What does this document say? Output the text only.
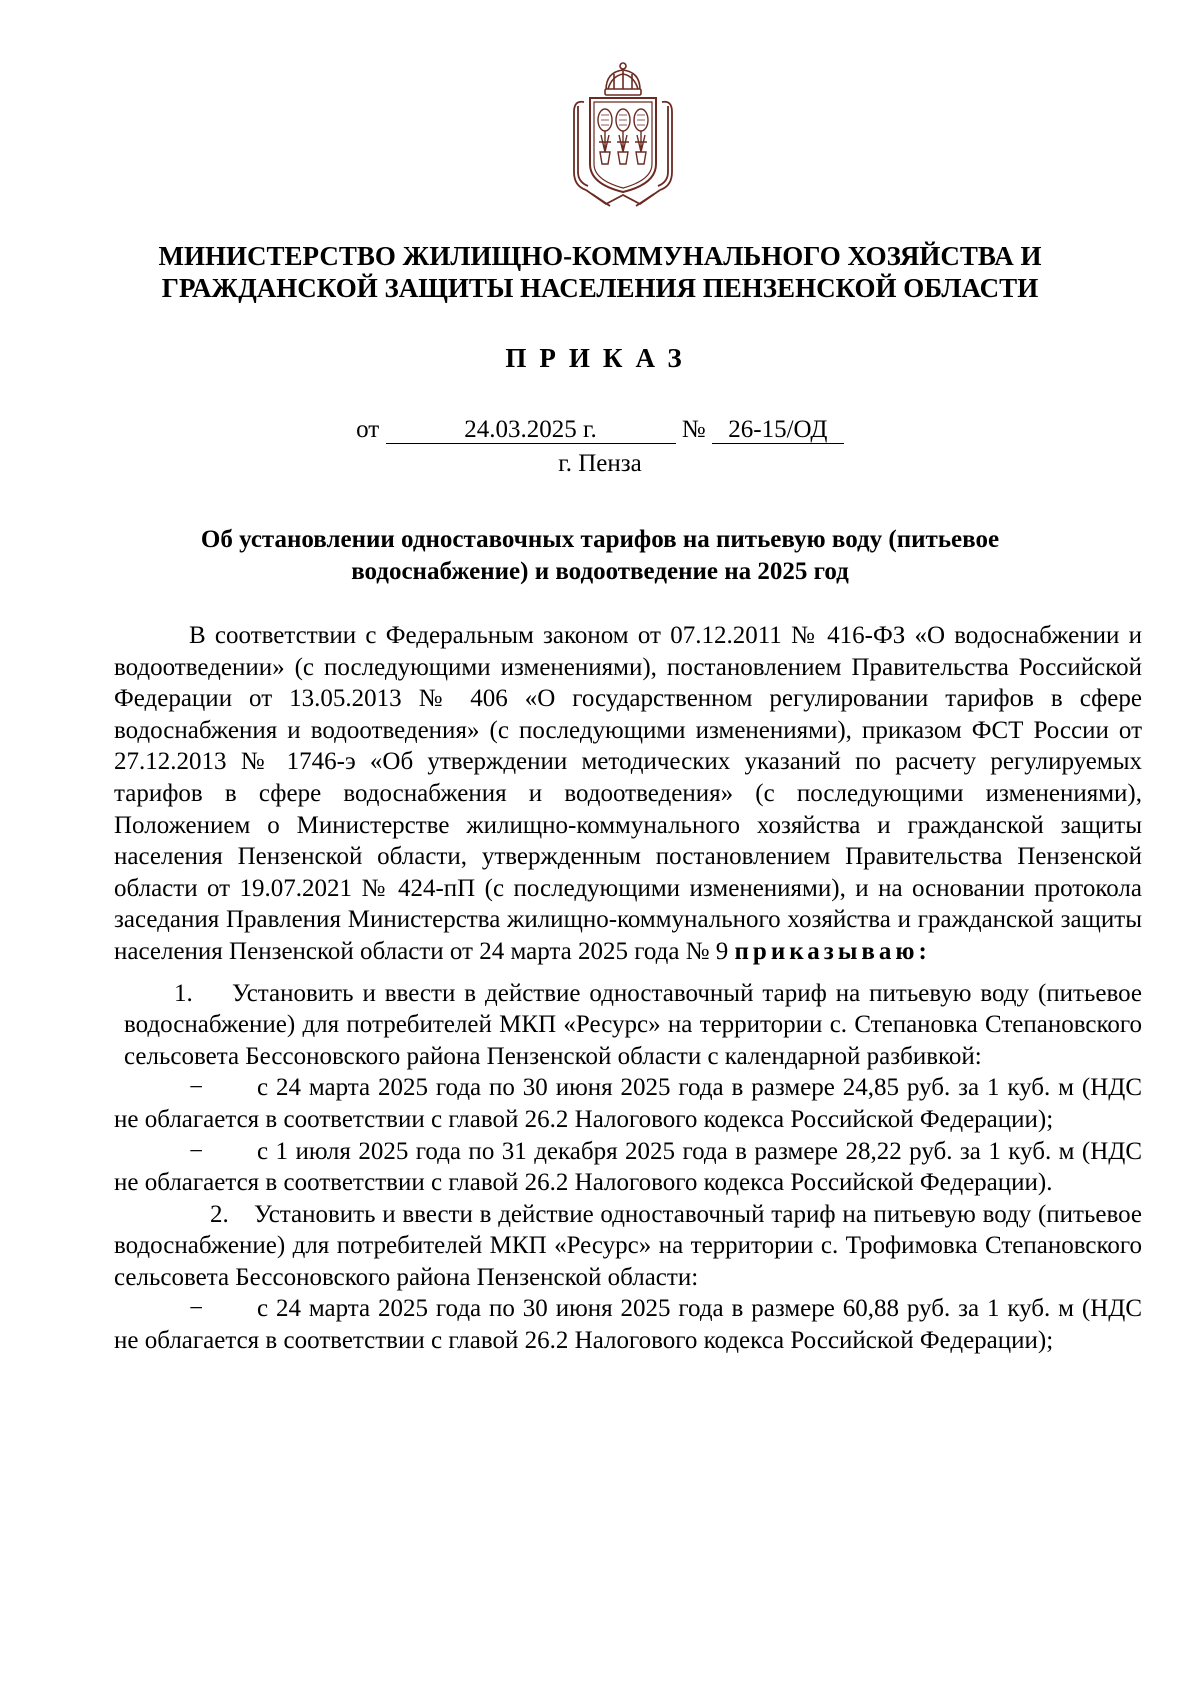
МИНИСТЕРСТВО ЖИЛИЩНО-КОММУНАЛЬНОГО ХОЗЯЙСТВА И
ГРАЖДАНСКОЙ ЗАЩИТЫ НАСЕЛЕНИЯ ПЕНЗЕНСКОЙ ОБЛАСТИ
ПРИКАЗ
от	24.03.2025 г.	№ 26-15/ОД
г. Пенза
Об установлении одноставочных тарифов на питьевую воду (питьевое
водоснабжение) и водоотведение на 2025 год

В соответствии с Федеральным законом от 07.12.2011 № 416-ФЗ «О водоснабжении и водоотведении» (с последующими изменениями), постановлением Правительства Российской Федерации от 13.05.2013 № 406 «О государственном регулировании тарифов в сфере водоснабжения и водоотведения» (с последующими изменениями), приказом ФСТ России от 27.12.2013 № 1746-э «Об утверждении методических указаний по расчету регулируемых тарифов в сфере водоснабжения и водоотведения» (с последующими изменениями), Положением о Министерстве жилищно-коммунального хозяйства и гражданской защиты населения Пензенской области, утвержденным постановлением Правительства Пензенской области от 19.07.2021 № 424-пП (с последующими изменениями), и на основании протокола заседания Правления Министерства жилищно-коммунального хозяйства и гражданской защиты населения Пензенской области от 24 марта 2025 года № 9 приказываю:

1. Установить и ввести в действие одноставочный тариф на питьевую воду (питьевое водоснабжение) для потребителей МКП «Ресурс» на территории с. Степановка Степановского сельсовета Бессоновского района Пензенской области с календарной разбивкой:

− с 24 марта 2025 года по 30 июня 2025 года в размере 24,85 руб. за 1 куб. м (НДС не облагается в соответствии с главой 26.2 Налогового кодекса Российской Федерации);

− с 1 июля 2025 года по 31 декабря 2025 года в размере 28,22 руб. за 1 куб. м (НДС не облагается в соответствии с главой 26.2 Налогового кодекса Российской Федерации).

2. Установить и ввести в действие одноставочный тариф на питьевую воду (питьевое водоснабжение) для потребителей МКП «Ресурс» на территории с. Трофимовка Степановского сельсовета Бессоновского района Пензенской области:

− с 24 марта 2025 года по 30 июня 2025 года в размере 60,88 руб. за 1 куб. м (НДС не облагается в соответствии с главой 26.2 Налогового кодекса Российской Федерации);
